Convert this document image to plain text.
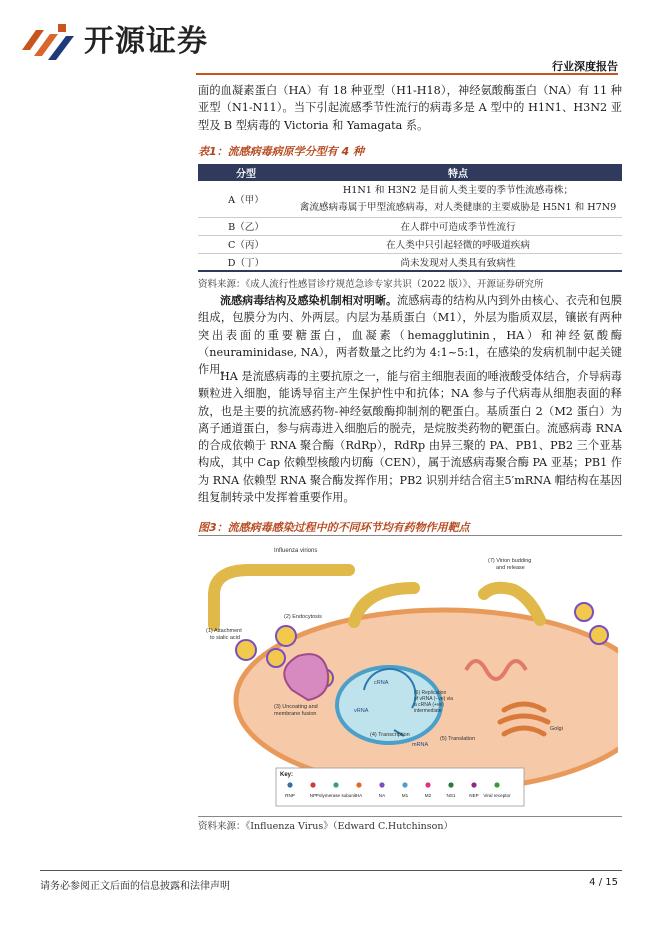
开源证券
行业深度报告

面的血凝素蛋白（HA）有 18 种亚型（H1-H18），神经氨酸酶蛋白（NA）有 11 种亚型（N1-N11）。当下引起流感季节性流行的病毒多是 A 型中的 H1N1、H3N2 亚型及 B 型病毒的 Victoria 和 Yamagata 系。

表1：流感病毒病原学分型有 4 种
分型	特点
A（甲）	H1N1 和 H3N2 是目前人类主要的季节性流感毒株；
禽流感病毒属于甲型流感病毒，对人类健康的主要威胁是 H5N1 和 H7N9

B（乙）	在人群中可造成季节性流行
C（丙）	在人类中只引起轻微的呼吸道疾病
D（丁）	尚未发现对人类具有致病性
资料来源：《成人流行性感冒诊疗规范急诊专家共识（2022 版）》、开源证券研究所

流感病毒结构及感染机制相对明晰。流感病毒的结构从内到外由核心、衣壳和包膜组成，包膜分为内、外两层。内层为基质蛋白（M1），外层为脂质双层，镶嵌有两种突出表面的重要糖蛋白，血凝素（hemagglutinin，HA）和神经氨酸酶（neuraminidase, NA），两者数量之比约为 4:1~5:1，在感染的发病机制中起关键作用。

HA 是流感病毒的主要抗原之一，能与宿主细胞表面的唾液酸受体结合，介导病毒颗粒进入细胞，能诱导宿主产生保护性中和抗体；NA 参与子代病毒从细胞表面的释放，也是主要的抗流感药物-神经氨酸酶抑制剂的靶蛋白。基质蛋白 2（M2 蛋白）为离子通道蛋白，参与病毒进入细胞后的脱壳，是烷胺类药物的靶蛋白。流感病毒 RNA 的合成依赖于 RNA 聚合酶（RdRp），RdRp 由异三聚的 PA、PB1、PB2 三个亚基构成，其中 Cap 依赖型核酸内切酶（CEN），属于流感病毒聚合酶 PA 亚基；PB1 作为 RNA 依赖型 RNA 聚合酶发挥作用；PB2 识别并结合宿主5′mRNA 帽结构在基因组复制转录中发挥着重要作用。

图3：流感病毒感染过程中的不同环节均有药物作用靶点
Influenza virions
(1) Attachment to sialic acid
(2) Endocytosis
(3) Uncoating and membrane fusion
(4) Transcription
(5) Translation
(6) Replication of vRNA (−ve) via a cRNA (+ve) intermediate
(7) Virion budding and release
cRNA
vRNA
mRNA
Golgi
Key:
RNP	NP Polymerase subunit HA	NA	M1	M2	NS1	NEP Viral receptor
资料来源：《Influenza Virus》（Edward C.Hutchinson）
请务必参阅正文后面的信息披露和法律声明	4 / 15
